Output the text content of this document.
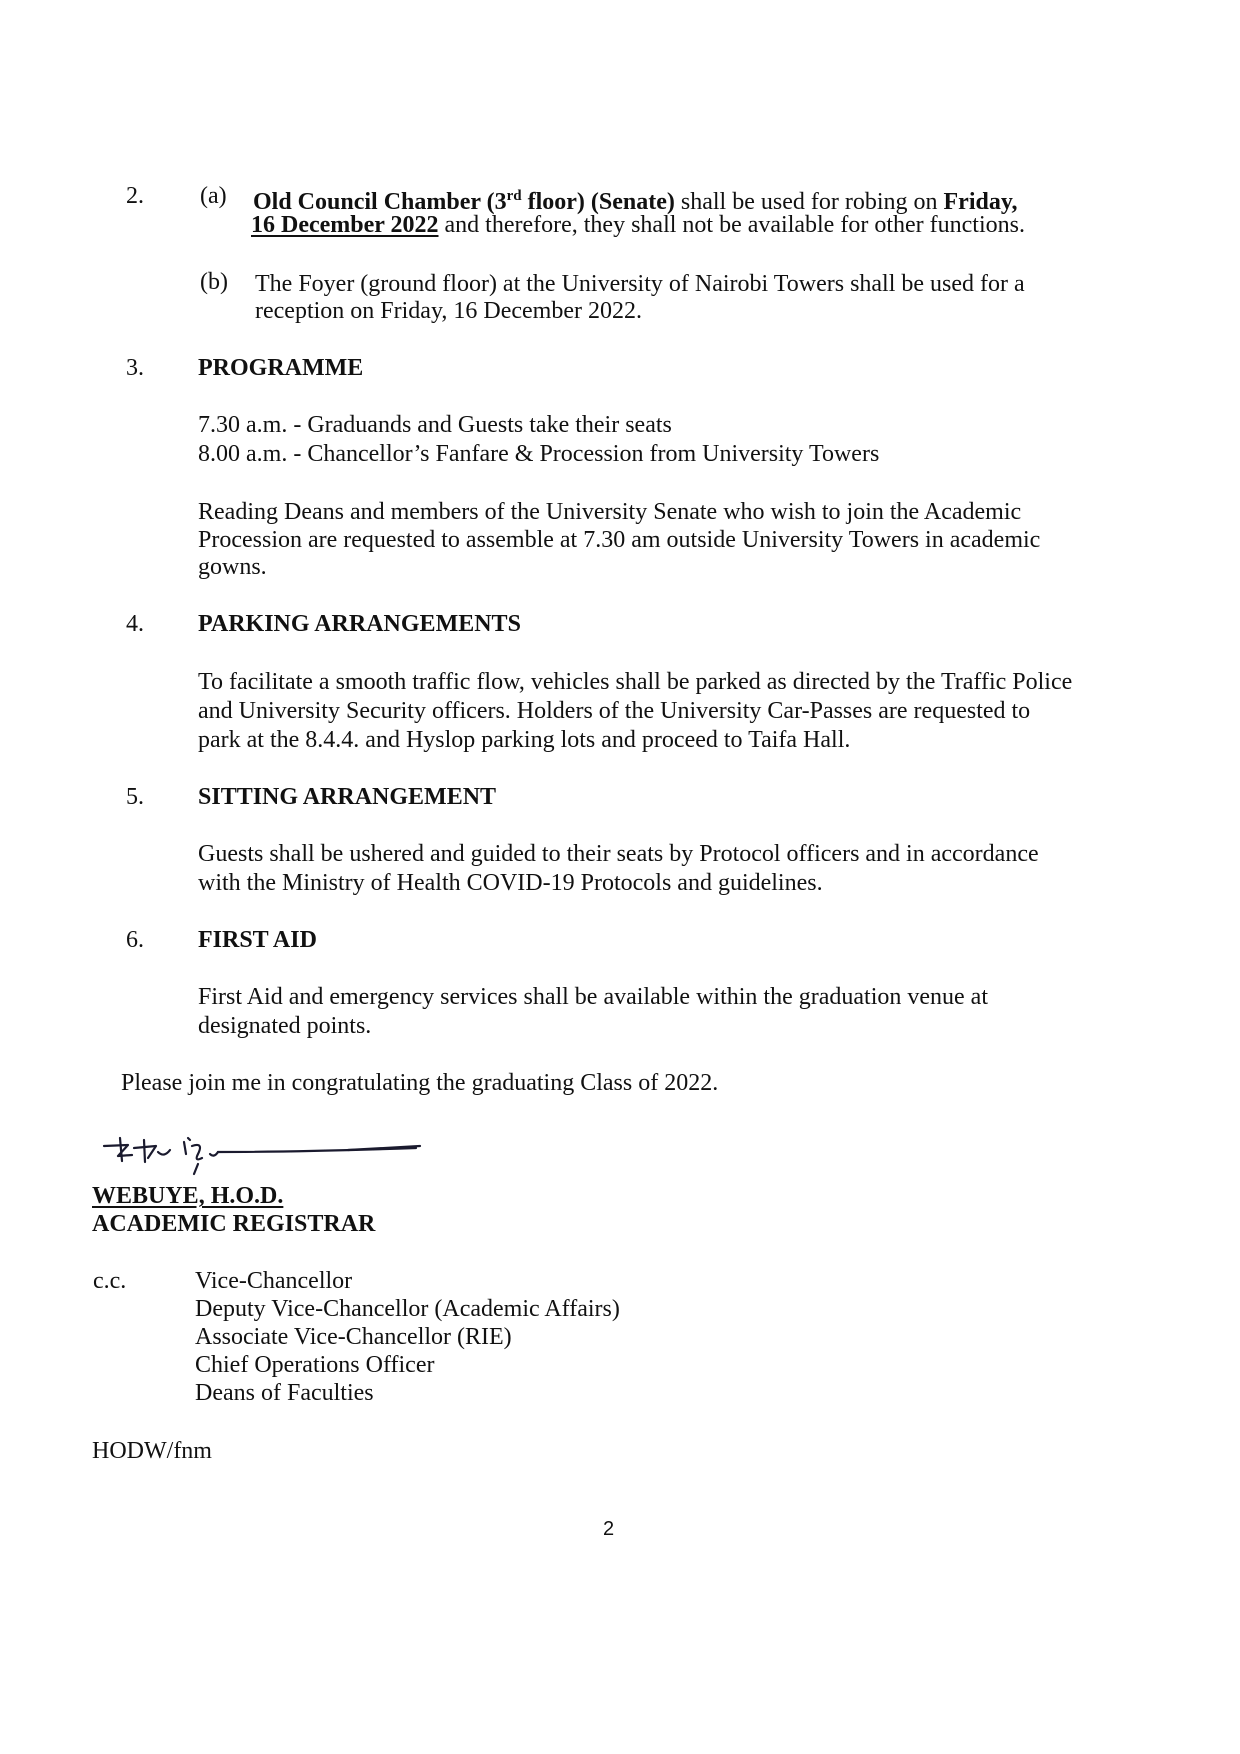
2. (a) Old Council Chamber (3rd floor) (Senate) shall be used for robing on Friday,
16 December 2022 and therefore, they shall not be available for other functions.
(b) The Foyer (ground floor) at the University of Nairobi Towers shall be used for a
reception on Friday, 16 December 2022.
3. PROGRAMME
7.30 a.m. - Graduands and Guests take their seats
8.00 a.m. - Chancellor’s Fanfare & Procession from University Towers
Reading Deans and members of the University Senate who wish to join the Academic
Procession are requested to assemble at 7.30 am outside University Towers in academic
gowns.
4. PARKING ARRANGEMENTS
To facilitate a smooth traffic flow, vehicles shall be parked as directed by the Traffic Police
and University Security officers. Holders of the University Car-Passes are requested to
park at the 8.4.4. and Hyslop parking lots and proceed to Taifa Hall.
5. SITTING ARRANGEMENT
Guests shall be ushered and guided to their seats by Protocol officers and in accordance
with the Ministry of Health COVID-19 Protocols and guidelines.
6. FIRST AID
First Aid and emergency services shall be available within the graduation venue at
designated points.
Please join me in congratulating the graduating Class of 2022.
WEBUYE, H.O.D.
ACADEMIC REGISTRAR
c.c.	Vice-Chancellor
Deputy Vice-Chancellor (Academic Affairs)
Associate Vice-Chancellor (RIE)
Chief Operations Officer
Deans of Faculties
HODW/fnm
2
